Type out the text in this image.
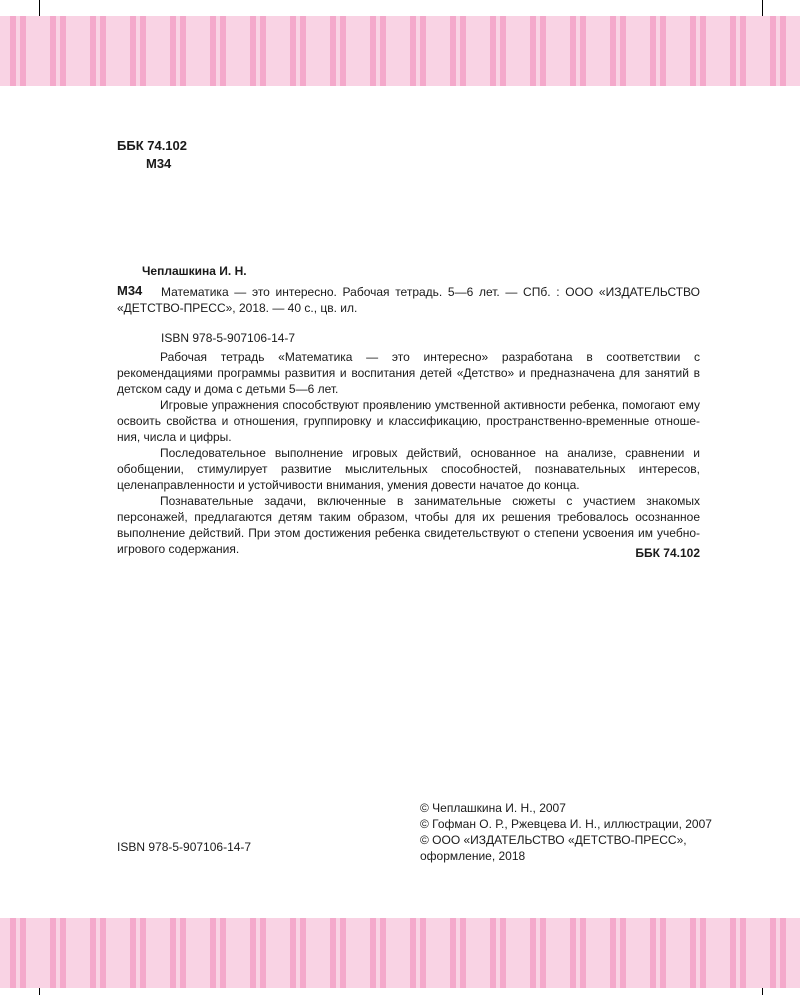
ББК 74.102
М34
Чеплашкина И. Н.
М34 Математика — это интересно. Рабочая тетрадь. 5—6 лет. — СПб. : ООО «ИЗДАТЕЛЬСТВО
«ДЕТСТВО-ПРЕСС», 2018. — 40 с., цв. ил.
ISBN 978-5-907106-14-7

Рабочая тетрадь «Математика — это интересно» разработана в соответствии с рекомендациями программы развития и воспитания детей «Детство» и предназначена для занятий в детском саду и дома с детьми 5—6 лет.

Игровые упражнения способствуют проявлению умственной активности ребенка, помогают ему освоить свойства и отношения, группировку и классификацию, пространственно-временные отношения, числа и цифры.

Последовательное выполнение игровых действий, основанное на анализе, сравнении и обобщении, стимулирует развитие мыслительных способностей, познавательных интересов, целенаправленности и устойчивости внимания, умения довести начатое до конца.

Познавательные задачи, включенные в занимательные сюжеты с участием знакомых персонажей, предлагаются детям таким образом, чтобы для их решения требовалось осознанное выполнение действий. При этом достижения ребенка свидетельствуют о степени усвоения им учебно-игрового содержания.	ББК 74.102
ISBN 978-5-907106-14-7
© Чеплашкина И. Н., 2007
© Гофман О. Р., Ржевцева И. Н., иллюстрации, 2007
© ООО «ИЗДАТЕЛЬСТВО «ДЕТСТВО-ПРЕСС»,
оформление, 2018
